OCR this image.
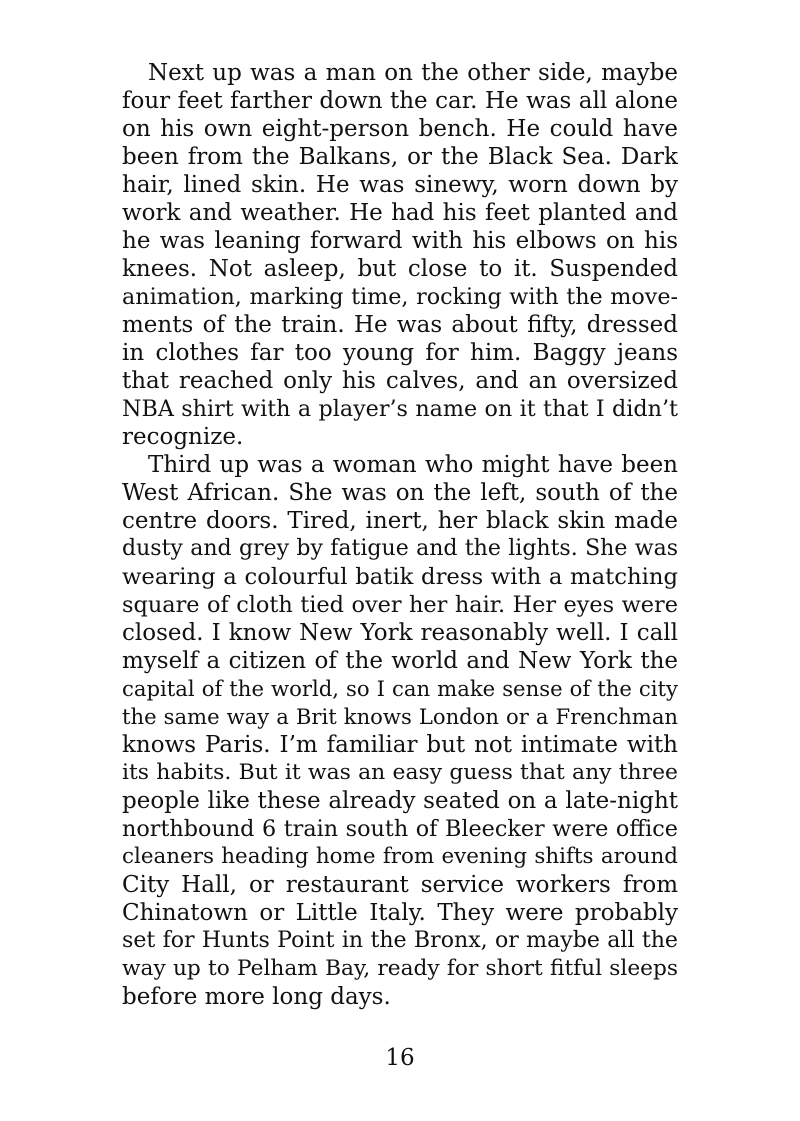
Next up was a man on the other side, maybe
four feet farther down the car. He was all alone
on his own eight-person bench. He could have
been from the Balkans, or the Black Sea. Dark
hair, lined skin. He was sinewy, worn down by
work and weather. He had his feet planted and
he was leaning forward with his elbows on his
knees. Not asleep, but close to it. Suspended
animation, marking time, rocking with the move-
ments of the train. He was about fifty, dressed
in clothes far too young for him. Baggy jeans
that reached only his calves, and an oversized
NBA shirt with a player’s name on it that I didn’t
recognize.
Third up was a woman who might have been
West African. She was on the left, south of the
centre doors. Tired, inert, her black skin made
dusty and grey by fatigue and the lights. She was
wearing a colourful batik dress with a matching
square of cloth tied over her hair. Her eyes were
closed. I know New York reasonably well. I call
myself a citizen of the world and New York the
capital of the world, so I can make sense of the city
the same way a Brit knows London or a Frenchman
knows Paris. I’m familiar but not intimate with
its habits. But it was an easy guess that any three
people like these already seated on a late-night
northbound 6 train south of Bleecker were office
cleaners heading home from evening shifts around
City Hall, or restaurant service workers from
Chinatown or Little Italy. They were probably
set for Hunts Point in the Bronx, or maybe all the
way up to Pelham Bay, ready for short fitful sleeps
before more long days.
16
